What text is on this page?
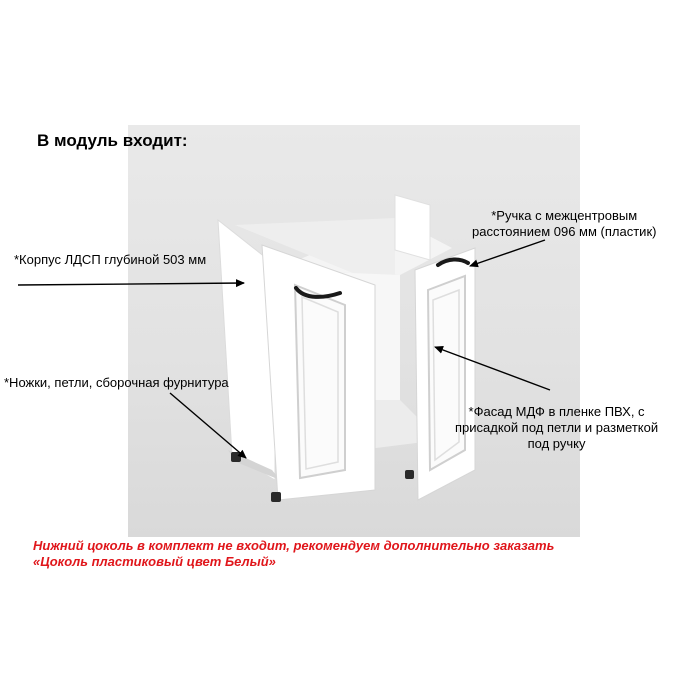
В модуль входит:
*Корпус ЛДСП глубиной 503 мм
*Ножки, петли, сборочная фурнитура
*Ручка с межцентровым
расстоянием 096 мм (пластик)
*Фасад МДФ в пленке ПВХ, с
присадкой под петли и разметкой
под ручку
Нижний цоколь в комплект не входит, рекомендуем дополнительно заказать
«Цоколь пластиковый цвет Белый»
